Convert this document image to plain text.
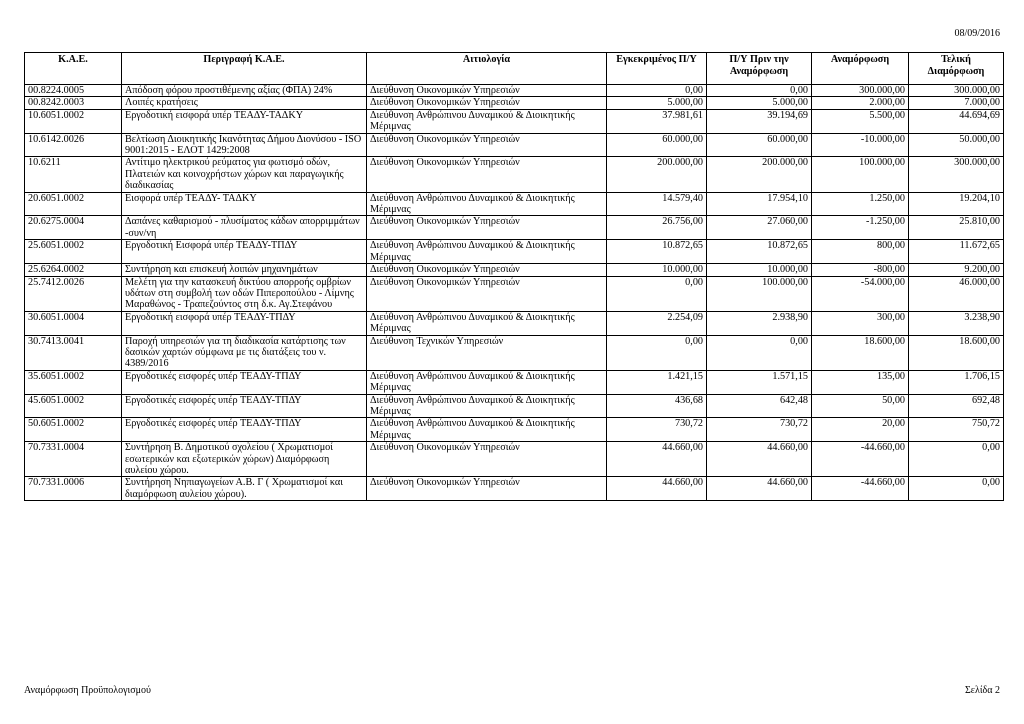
08/09/2016
Κ.Α.Ε.	Περιγραφή Κ.Α.Ε.	Αιτιολογία	Εγκεκριμένος Π/Υ	Π/Υ Πριν την Αναμόρφωση	Αναμόρφωση	Τελική Διαμόρφωση
00.8224.0005	Απόδοση φόρου προστιθέμενης αξίας (ΦΠΑ) 24%	Διεύθυνση Οικονομικών Υπηρεσιών	0,00	0,00	300.000,00	300.000,00
00.8242.0003	Λοιπές κρατήσεις	Διεύθυνση Οικονομικών Υπηρεσιών	5.000,00	5.000,00	2.000,00	7.000,00
10.6051.0002	Εργοδοτική εισφορά υπέρ ΤΕΑΔΥ-ΤΑΔΚΥ	Διεύθυνση Ανθρώπινου Δυναμικού & Διοικητικής Μέριμνας	37.981,61	39.194,69	5.500,00	44.694,69
10.6142.0026	Βελτίωση Διοικητικής Ικανότητας Δήμου Διονύσου - ISO 9001:2015 - ΕΛΟΤ 1429:2008	Διεύθυνση Οικονομικών Υπηρεσιών	60.000,00	60.000,00	-10.000,00	50.000,00
10.6211	Αντίτιμο ηλεκτρικού ρεύματος για φωτισμό οδών, Πλατειών και κοινοχρήστων χώρων και παραγωγικής διαδικασίας	Διεύθυνση Οικονομικών Υπηρεσιών	200.000,00	200.000,00	100.000,00	300.000,00
20.6051.0002	Εισφορά υπέρ ΤΕΑΔΥ- ΤΑΔΚΥ	Διεύθυνση Ανθρώπινου Δυναμικού & Διοικητικής Μέριμνας	14.579,40	17.954,10	1.250,00	19.204,10
20.6275.0004	Δαπάνες καθαρισμού - πλυσίματος κάδων απορριμμάτων -συν/νη	Διεύθυνση Οικονομικών Υπηρεσιών	26.756,00	27.060,00	-1.250,00	25.810,00
25.6051.0002	Εργοδοτική Εισφορά υπέρ ΤΕΑΔΥ-ΤΠΔΥ	Διεύθυνση Ανθρώπινου Δυναμικού & Διοικητικής Μέριμνας	10.872,65	10.872,65	800,00	11.672,65
25.6264.0002	Συντήρηση και επισκευή λοιπών μηχανημάτων	Διεύθυνση Οικονομικών Υπηρεσιών	10.000,00	10.000,00	-800,00	9.200,00
25.7412.0026	Μελέτη για την κατασκευή δικτύου απορροής ομβρίων υδάτων στη συμβολή των οδών Πιπεροπούλου - Λίμνης Μαραθώνος - Τραπεζούντος στη δ.κ. Αγ.Στεφάνου	Διεύθυνση Οικονομικών Υπηρεσιών	0,00	100.000,00	-54.000,00	46.000,00
30.6051.0004	Εργοδοτική εισφορά υπέρ ΤΕΑΔΥ-ΤΠΔΥ	Διεύθυνση Ανθρώπινου Δυναμικού & Διοικητικής Μέριμνας	2.254,09	2.938,90	300,00	3.238,90
30.7413.0041	Παροχή υπηρεσιών για τη διαδικασία κατάρτισης των δασικών χαρτών σύμφωνα με τις διατάξεις του ν. 4389/2016	Διεύθυνση Τεχνικών Υπηρεσιών	0,00	0,00	18.600,00	18.600,00
35.6051.0002	Εργοδοτικές εισφορές υπέρ ΤΕΑΔΥ-ΤΠΔΥ	Διεύθυνση Ανθρώπινου Δυναμικού & Διοικητικής Μέριμνας	1.421,15	1.571,15	135,00	1.706,15
45.6051.0002	Εργοδοτικές εισφορές υπέρ ΤΕΑΔΥ-ΤΠΔΥ	Διεύθυνση Ανθρώπινου Δυναμικού & Διοικητικής Μέριμνας	436,68	642,48	50,00	692,48
50.6051.0002	Εργοδοτικές εισφορές υπέρ ΤΕΑΔΥ-ΤΠΔΥ	Διεύθυνση Ανθρώπινου Δυναμικού & Διοικητικής Μέριμνας	730,72	730,72	20,00	750,72
70.7331.0004	Συντήρηση Β. Δημοτικού σχολείου ( Χρωματισμοί εσωτερικών και εξωτερικών χώρων) Διαμόρφωση αυλείου χώρου.	Διεύθυνση Οικονομικών Υπηρεσιών	44.660,00	44.660,00	-44.660,00	0,00
70.7331.0006	Συντήρηση Νηπιαγωγείων Α.Β. Γ ( Χρωματισμοί και διαμόρφωση αυλείου χώρου).	Διεύθυνση Οικονομικών Υπηρεσιών	44.660,00	44.660,00	-44.660,00	0,00
Αναμόρφωση Προϋπολογισμού	Σελίδα 2
